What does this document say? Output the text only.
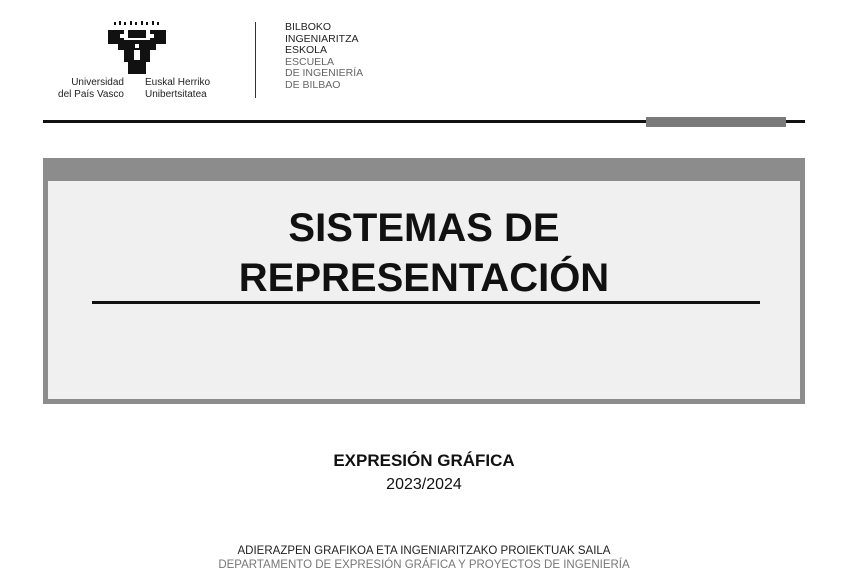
Universidad
del País Vasco
Euskal Herriko
Unibertsitatea
BILBOKO
INGENIARITZA
ESKOLA
ESCUELA
DE INGENIERÍA
DE BILBAO
SISTEMAS DE
REPRESENTACIÓN
EXPRESIÓN GRÁFICA
2023/2024
ADIERAZPEN GRAFIKOA ETA INGENIARITZAKO PROIEKTUAK SAILA
DEPARTAMENTO DE EXPRESIÓN GRÁFICA Y PROYECTOS DE INGENIERÍA
